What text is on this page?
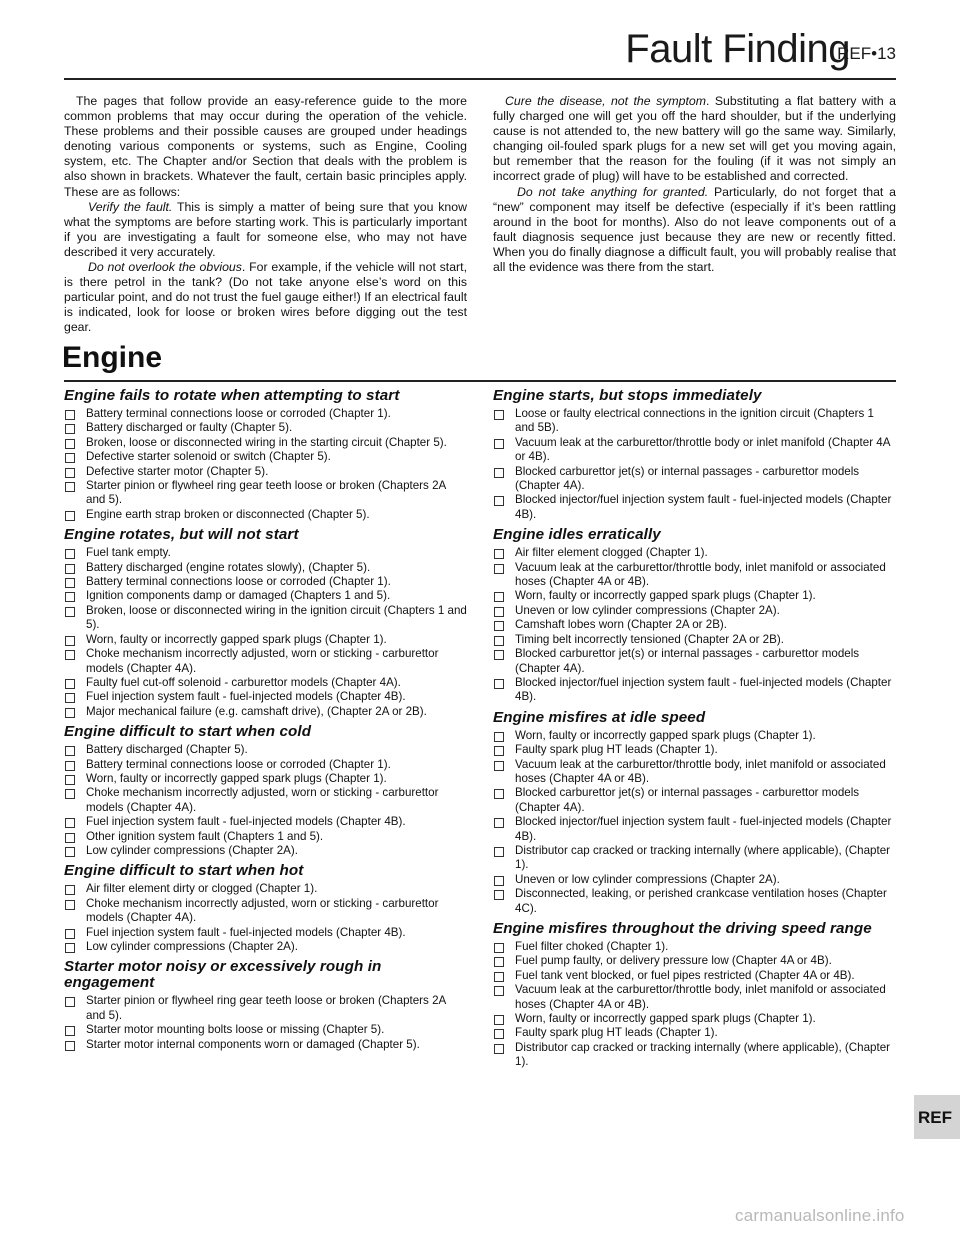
Fault Finding
REF•13

The pages that follow provide an easy-reference guide to the more common problems that may occur during the operation of the vehicle. These problems and their possible causes are grouped under headings denoting various components or systems, such as Engine, Cooling system, etc. The Chapter and/or Section that deals with the problem is also shown in brackets. Whatever the fault, certain basic principles apply. These are as follows:

Verify the fault. This is simply a matter of being sure that you know what the symptoms are before starting work. This is particularly important if you are investigating a fault for someone else, who may not have described it very accurately.

Do not overlook the obvious. For example, if the vehicle will not start, is there petrol in the tank? (Do not take anyone else’s word on this particular point, and do not trust the fuel gauge either!) If an electrical fault is indicated, look for loose or broken wires before digging out the test gear.

Cure the disease, not the symptom. Substituting a flat battery with a fully charged one will get you off the hard shoulder, but if the underlying cause is not attended to, the new battery will go the same way. Similarly, changing oil-fouled spark plugs for a new set will get you moving again, but remember that the reason for the fouling (if it was not simply an incorrect grade of plug) will have to be established and corrected.

Do not take anything for granted. Particularly, do not forget that a “new” component may itself be defective (especially if it’s been rattling around in the boot for months). Also do not leave components out of a fault diagnosis sequence just because they are new or recently fitted. When you do finally diagnose a difficult fault, you will probably realise that all the evidence was there from the start.

Engine
Engine fails to rotate when attempting to start
Battery terminal connections loose or corroded (Chapter 1).
Battery discharged or faulty (Chapter 5).
Broken, loose or disconnected wiring in the starting circuit (Chapter 5).
Defective starter solenoid or switch (Chapter 5).
Defective starter motor (Chapter 5).
Starter pinion or flywheel ring gear teeth loose or broken (Chapters 2A and 5).
Engine earth strap broken or disconnected (Chapter 5).
Engine rotates, but will not start
Fuel tank empty.
Battery discharged (engine rotates slowly), (Chapter 5).
Battery terminal connections loose or corroded (Chapter 1).
Ignition components damp or damaged (Chapters 1 and 5).
Broken, loose or disconnected wiring in the ignition circuit (Chapters 1 and 5).
Worn, faulty or incorrectly gapped spark plugs (Chapter 1).
Choke mechanism incorrectly adjusted, worn or sticking - carburettor models (Chapter 4A).
Faulty fuel cut-off solenoid - carburettor models (Chapter 4A).
Fuel injection system fault - fuel-injected models (Chapter 4B).
Major mechanical failure (e.g. camshaft drive), (Chapter 2A or 2B).
Engine difficult to start when cold
Battery discharged (Chapter 5).
Battery terminal connections loose or corroded (Chapter 1).
Worn, faulty or incorrectly gapped spark plugs (Chapter 1).
Choke mechanism incorrectly adjusted, worn or sticking - carburettor models (Chapter 4A).
Fuel injection system fault - fuel-injected models (Chapter 4B).
Other ignition system fault (Chapters 1 and 5).
Low cylinder compressions (Chapter 2A).
Engine difficult to start when hot
Air filter element dirty or clogged (Chapter 1).
Choke mechanism incorrectly adjusted, worn or sticking - carburettor models (Chapter 4A).
Fuel injection system fault - fuel-injected models (Chapter 4B).
Low cylinder compressions (Chapter 2A).
Starter motor noisy or excessively rough in engagement
Starter pinion or flywheel ring gear teeth loose or broken (Chapters 2A and 5).
Starter motor mounting bolts loose or missing (Chapter 5).
Starter motor internal components worn or damaged (Chapter 5).
Engine starts, but stops immediately
Loose or faulty electrical connections in the ignition circuit (Chapters 1 and 5B).
Vacuum leak at the carburettor/throttle body or inlet manifold (Chapter 4A or 4B).
Blocked carburettor jet(s) or internal passages - carburettor models (Chapter 4A).
Blocked injector/fuel injection system fault - fuel-injected models (Chapter 4B).
Engine idles erratically
Air filter element clogged (Chapter 1).
Vacuum leak at the carburettor/throttle body, inlet manifold or associated hoses (Chapter 4A or 4B).
Worn, faulty or incorrectly gapped spark plugs (Chapter 1).
Uneven or low cylinder compressions (Chapter 2A).
Camshaft lobes worn (Chapter 2A or 2B).
Timing belt incorrectly tensioned (Chapter 2A or 2B).
Blocked carburettor jet(s) or internal passages - carburettor models (Chapter 4A).
Blocked injector/fuel injection system fault - fuel-injected models (Chapter 4B).
Engine misfires at idle speed
Worn, faulty or incorrectly gapped spark plugs (Chapter 1).
Faulty spark plug HT leads (Chapter 1).
Vacuum leak at the carburettor/throttle body, inlet manifold or associated hoses (Chapter 4A or 4B).
Blocked carburettor jet(s) or internal passages - carburettor models (Chapter 4A).
Blocked injector/fuel injection system fault - fuel-injected models (Chapter 4B).
Distributor cap cracked or tracking internally (where applicable), (Chapter 1).
Uneven or low cylinder compressions (Chapter 2A).
Disconnected, leaking, or perished crankcase ventilation hoses (Chapter 4C).
Engine misfires throughout the driving speed range
Fuel filter choked (Chapter 1).
Fuel pump faulty, or delivery pressure low (Chapter 4A or 4B).
Fuel tank vent blocked, or fuel pipes restricted (Chapter 4A or 4B).
Vacuum leak at the carburettor/throttle body, inlet manifold or associated hoses (Chapter 4A or 4B).
Worn, faulty or incorrectly gapped spark plugs (Chapter 1).
Faulty spark plug HT leads (Chapter 1).
Distributor cap cracked or tracking internally (where applicable), (Chapter 1).
REF
carmanualsonline.info
